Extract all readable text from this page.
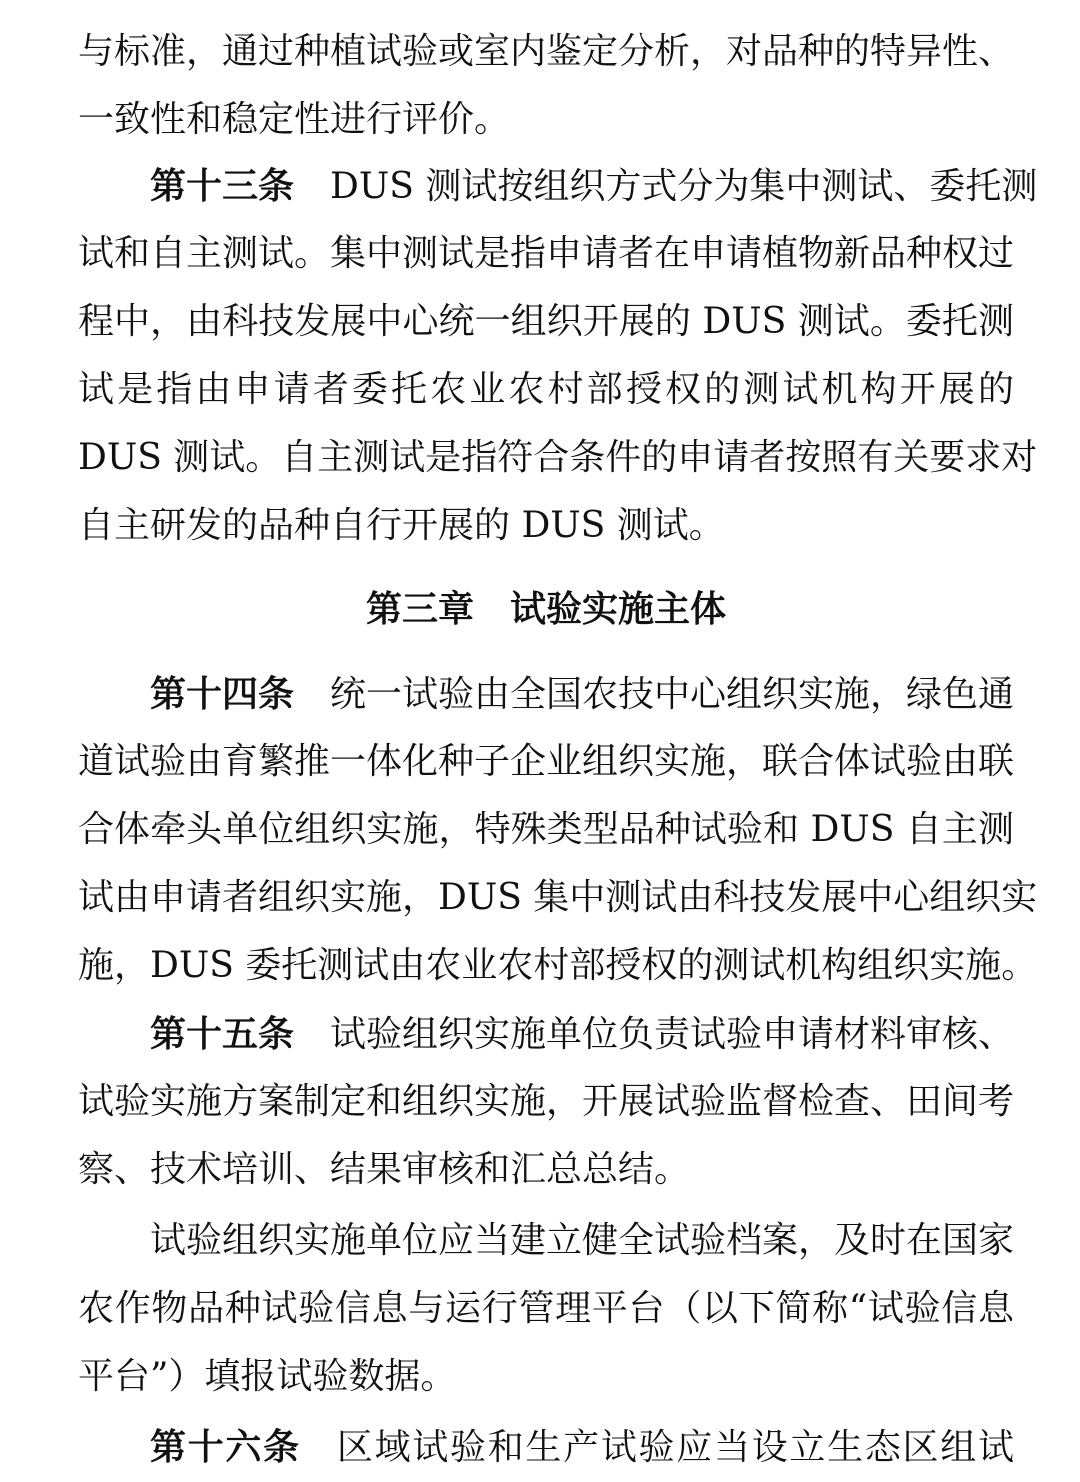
与标准，通过种植试验或室内鉴定分析，对品种的特异性、
一致性和稳定性进行评价。
第十三条 DUS 测试按组织方式分为集中测试、委托测
试和自主测试。集中测试是指申请者在申请植物新品种权过
程中，由科技发展中心统一组织开展的 DUS 测试。委托测
试是指由申请者委托农业农村部授权的测试机构开展的
DUS 测试。自主测试是指符合条件的申请者按照有关要求对
自主研发的品种自行开展的 DUS 测试。
第三章　试验实施主体
第十四条 统一试验由全国农技中心组织实施，绿色通
道试验由育繁推一体化种子企业组织实施，联合体试验由联
合体牵头单位组织实施，特殊类型品种试验和 DUS 自主测
试由申请者组织实施，DUS 集中测试由科技发展中心组织实
施，DUS 委托测试由农业农村部授权的测试机构组织实施。
第十五条 试验组织实施单位负责试验申请材料审核、
试验实施方案制定和组织实施，开展试验监督检查、田间考
察、技术培训、结果审核和汇总总结。
试验组织实施单位应当建立健全试验档案，及时在国家
农作物品种试验信息与运行管理平台（以下简称“试验信息
平台”）填报试验数据。
第十六条 区域试验和生产试验应当设立生态区组试
